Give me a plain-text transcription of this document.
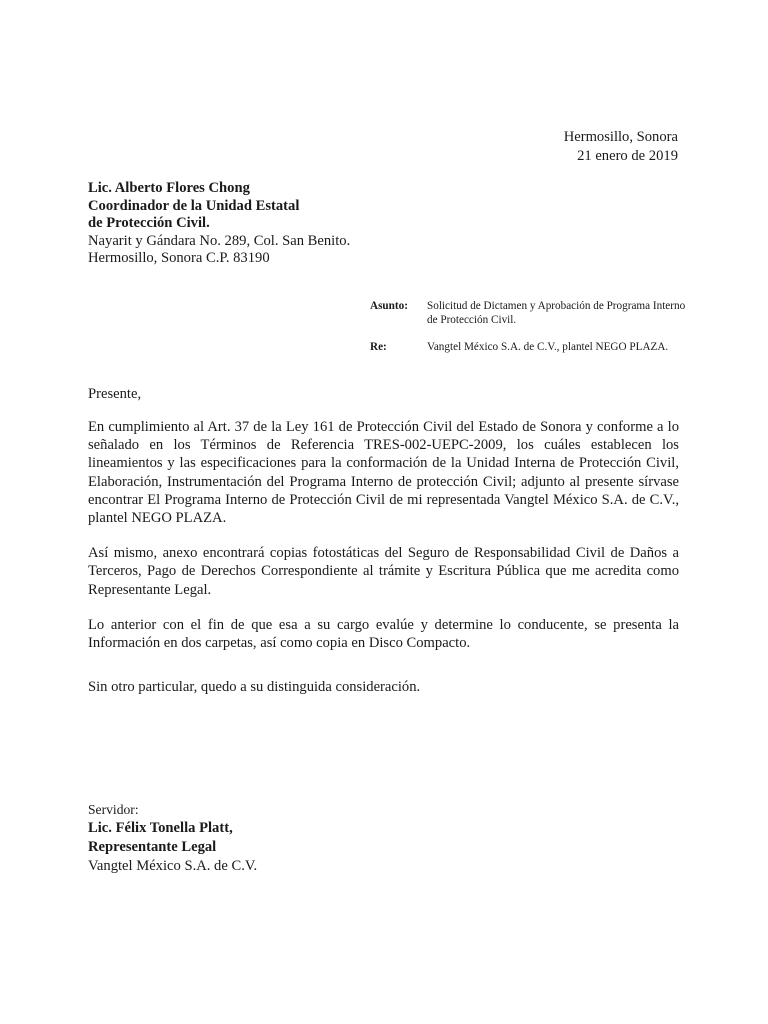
Hermosillo, Sonora
21 enero de 2019
Lic. Alberto Flores Chong
Coordinador de la Unidad Estatal
de Protección Civil.
Nayarit y Gándara No. 289, Col. San Benito.
Hermosillo, Sonora C.P. 83190
Asunto:	Solicitud de Dictamen y Aprobación de Programa Interno de Protección Civil.
Re:	Vangtel México S.A. de C.V., plantel NEGO PLAZA.
Presente,

En cumplimiento al Art. 37 de la Ley 161 de Protección Civil del Estado de Sonora y conforme a lo señalado en los Términos de Referencia TRES-002-UEPC-2009, los cuáles establecen los lineamientos y las especificaciones para la conformación de la Unidad Interna de Protección Civil, Elaboración, Instrumentación del Programa Interno de protección Civil; adjunto al presente sírvase encontrar El Programa Interno de Protección Civil de mi representada Vangtel México S.A. de C.V., plantel NEGO PLAZA.

Así mismo, anexo encontrará copias fotostáticas del Seguro de Responsabilidad Civil de Daños a Terceros, Pago de Derechos Correspondiente al trámite y Escritura Pública que me acredita como Representante Legal.

Lo anterior con el fin de que esa a su cargo evalúe y determine lo conducente, se presenta la Información en dos carpetas, así como copia en Disco Compacto.

Sin otro particular, quedo a su distinguida consideración.
Servidor:
Lic. Félix Tonella Platt,
Representante Legal
Vangtel México S.A. de C.V.
